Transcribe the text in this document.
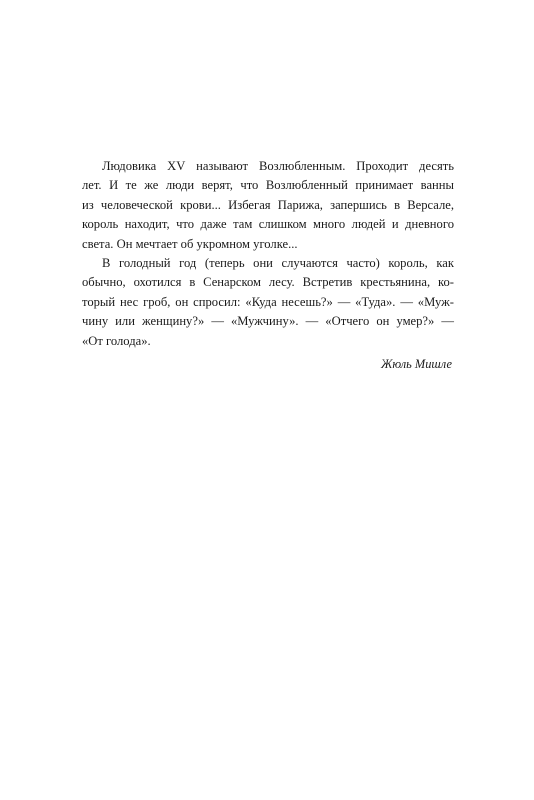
Людовика XV называют Возлюбленным. Проходит десять
лет. И те же люди верят, что Возлюбленный принимает ванны
из человеческой крови... Избегая Парижа, запершись в Версале,
король находит, что даже там слишком много людей и дневного
света. Он мечтает об укромном уголке...
В голодный год (теперь они случаются часто) король, как
обычно, охотился в Сенарском лесу. Встретив крестьянина, ко-
торый нес гроб, он спросил: «Куда несешь?» — «Туда». — «Муж-
чину или женщину?» — «Мужчину». — «Отчего он умер?» —
«От голода».
Жюль Мишле
